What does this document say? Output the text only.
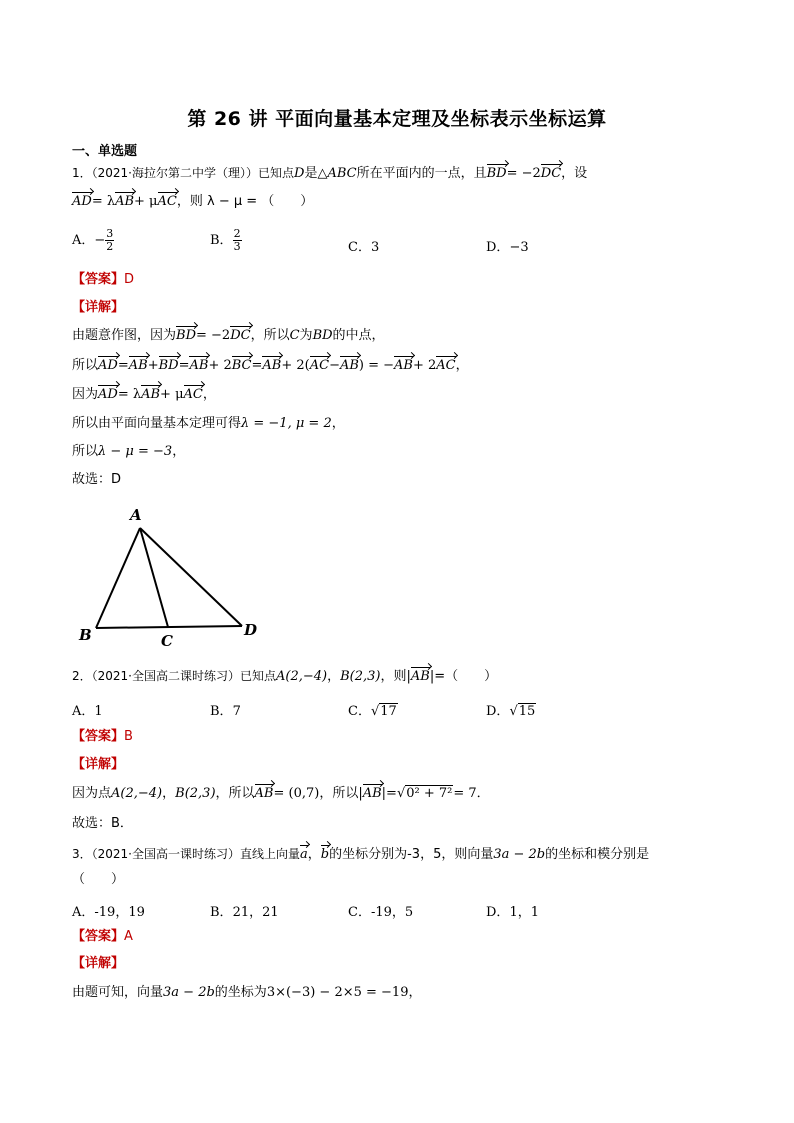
第 26 讲 平面向量基本定理及坐标表示坐标运算
一、单选题
1．（2021·海拉尔第二中学（理））已知点D是△ABC所在平面内的一点，且BD= −2DC，设
AD= λAB+ μAC，则 λ − μ = （　　）
A．− $\frac{3}{2}$	B． $\frac{2}{3}$	C．3	D．−3
【答案】D
【详解】
由题意作图，因为BD= −2DC，所以C为BD的中点，
所以AD=AB+BD=AB+ 2BC=AB+ 2(AC−AB) = −AB+ 2AC，
因为AD= λAB+ μAC，
所以由平面向量基本定理可得λ = −1, μ = 2，
所以λ − μ = −3，
故选：D
A
B	C
D
2．（2021·全国高二课时练习）已知点A(2,−4)，B(2,3)，则|AB|=（　　）
A．1	B．7	C．√17	D．√15
【答案】B
【详解】
因为点A(2,−4)，B(2,3)，所以AB= (0,7)，所以|AB|=√0² + 7²= 7．
故选：B．
3．（2021·全国高一课时练习）直线上向量a，b的坐标分别为-3，5，则向量3a − 2b的坐标和模分别是
（　　）
A．-19，19	B．21，21	C．-19，5	D．1，1
【答案】A
【详解】
由题可知，向量3a − 2b的坐标为3×(−3) − 2×5 = −19，
